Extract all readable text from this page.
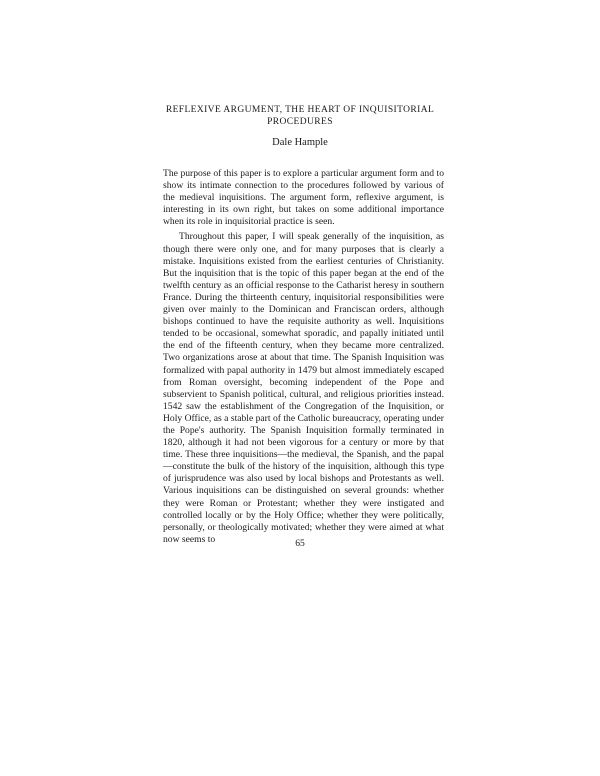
REFLEXIVE ARGUMENT, THE HEART OF INQUISITORIAL PROCEDURES
Dale Hample

The purpose of this paper is to explore a particular argument form and to show its intimate connection to the procedures followed by various of the medieval inquisitions. The argument form, reflexive argument, is interesting in its own right, but takes on some additional importance when its role in inquisitorial practice is seen.

Throughout this paper, I will speak generally of the inquisition, as though there were only one, and for many purposes that is clearly a mistake. Inquisitions existed from the earliest centuries of Christianity. But the inquisition that is the topic of this paper began at the end of the twelfth century as an official response to the Catharist heresy in southern France. During the thirteenth century, inquisitorial responsibilities were given over mainly to the Dominican and Franciscan orders, although bishops continued to have the requisite authority as well. Inquisitions tended to be occasional, somewhat sporadic, and papally initiated until the end of the fifteenth century, when they became more centralized. Two organizations arose at about that time. The Spanish Inquisition was formalized with papal authority in 1479 but almost immediately escaped from Roman oversight, becoming independent of the Pope and subservient to Spanish political, cultural, and religious priorities instead. 1542 saw the establishment of the Congregation of the Inquisition, or Holy Office, as a stable part of the Catholic bureaucracy, operating under the Pope's authority. The Spanish Inquisition formally terminated in 1820, although it had not been vigorous for a century or more by that time. These three inquisitions—the medieval, the Spanish, and the papal—constitute the bulk of the history of the inquisition, although this type of jurisprudence was also used by local bishops and Protestants as well. Various inquisitions can be distinguished on several grounds: whether they were Roman or Protestant; whether they were instigated and controlled locally or by the Holy Office; whether they were politically, personally, or theologically motivated; whether they were aimed at what now seems to	65
